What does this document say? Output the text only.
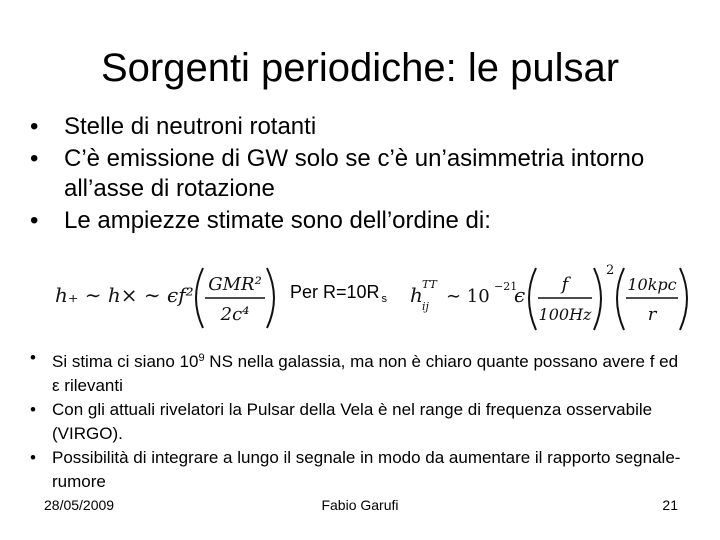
Sorgenti periodiche: le pulsar
• Stelle di neutroni rotanti
• C’è emissione di GW solo se c’è un’asimmetria intorno all’asse di rotazione
• Le ampiezze stimate sono dell’ordine di:
h₊ ∼ h× ∼ ϵf² GMR²
2c⁴
Per R=10R $_s$ h TT
ij ∼ 10 −21
ϵ f
100Hz
2
10kpc
r
• Si stima ci siano $10^9$ NS nella galassia, ma non è chiaro quante possano avere f ed ε rilevanti
• Con gli attuali rivelatori la Pulsar della Vela è nel range di frequenza osservabile (VIRGO).
• Possibilità di integrare a lungo il segnale in modo da aumentare il rapporto segnale-rumore
28/05/2009	Fabio Garufi	21
